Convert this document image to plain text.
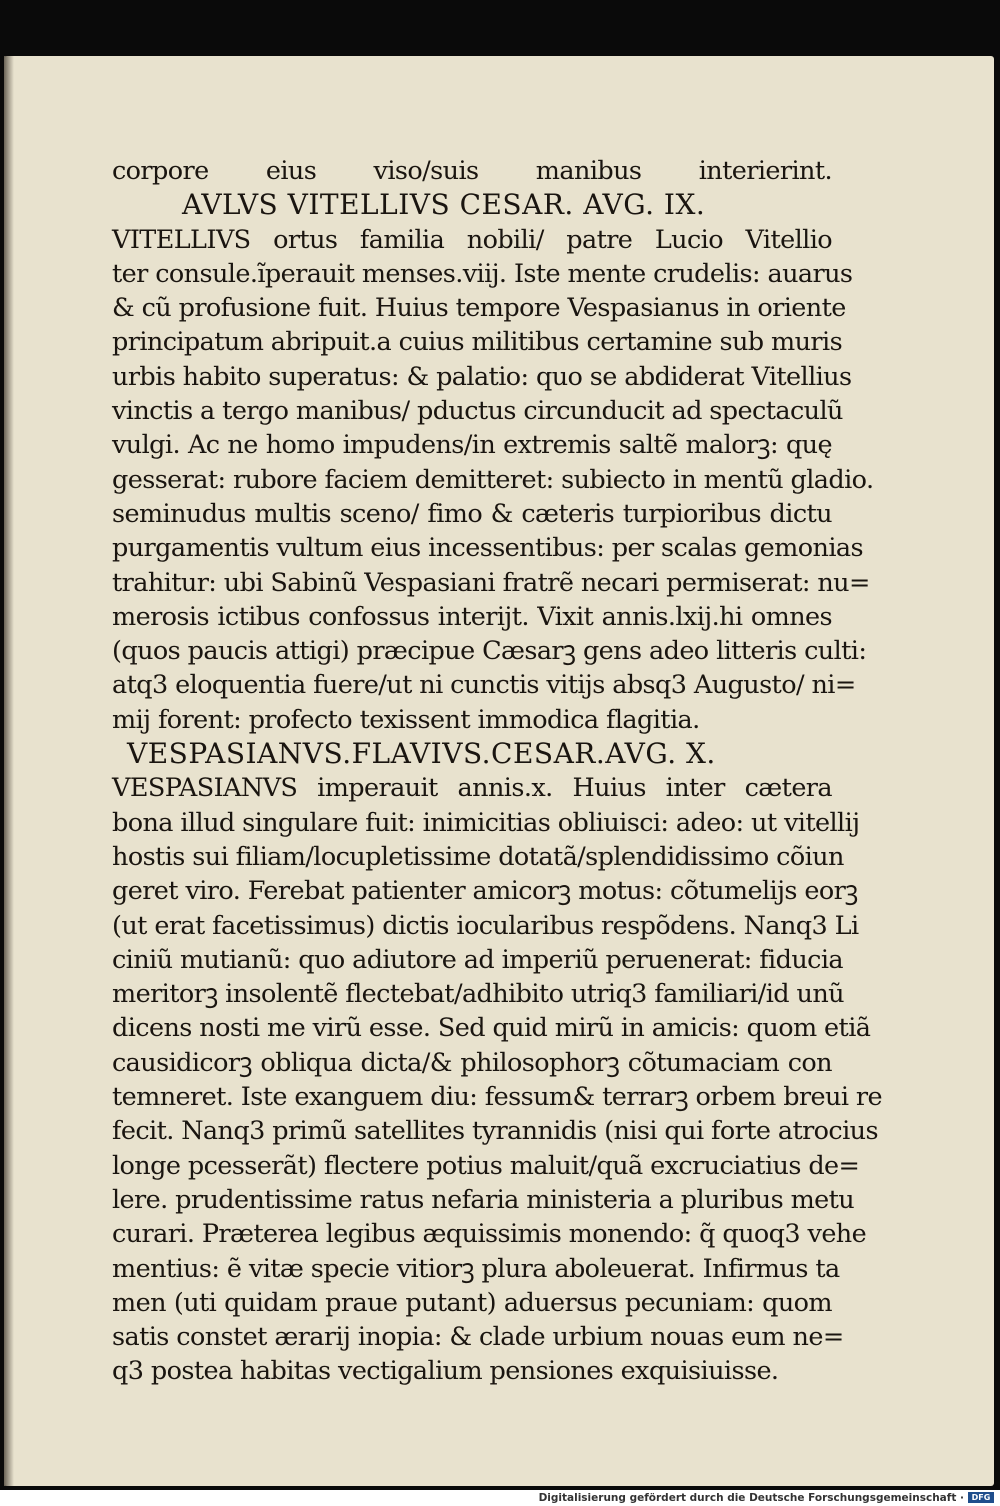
corpore eius viso/suis manibus interierint.
AVLVS VITELLIVS CESAR. AVG. IX.
VITELLIVS ortus familia nobili/ patre Lucio Vitellio
ter consule.ĩperauit menses.viij. Iste mente crudelis: auarus
& cũ profusione fuit. Huius tempore Vespasianus in oriente
principatum abripuit.a cuius militibus certamine sub muris
urbis habito superatus: & palatio: quo se abdiderat Vitellius
vinctis a tergo manibus/ pductus circunducit ad spectaculũ
vulgi. Ac ne homo impudens/in extremis saltẽ malorꝫ: quę
gesserat: rubore faciem demitteret: subiecto in mentũ gladio.
seminudus multis sceno/ fimo & cæteris turpioribus dictu
purgamentis vultum eius incessentibus: per scalas gemonias
trahitur: ubi Sabinũ Vespasiani fratrẽ necari permiserat: nu=
merosis ictibus confossus interijt. Vixit annis.lxij.hi omnes
(quos paucis attigi) præcipue Cæsarꝫ gens adeo litteris culti:
atq3 eloquentia fuere/ut ni cunctis vitijs absq3 Augusto/ ni=
mij forent: profecto texissent immodica flagitia.
VESPASIANVS.FLAVIVS.CESAR.AVG. X.
VESPASIANVS imperauit annis.x. Huius inter cætera
bona illud singulare fuit: inimicitias obliuisci: adeo: ut vitellij
hostis sui filiam/locupletissime dotatã/splendidissimo cõiun
geret viro. Ferebat patienter amicorꝫ motus: cõtumelijs eorꝫ
(ut erat facetissimus) dictis iocularibus respõdens. Nanq3 Li
ciniũ mutianũ: quo adiutore ad imperiũ peruenerat: fiducia
meritorꝫ insolentẽ flectebat/adhibito utriq3 familiari/id unũ
dicens nosti me virũ esse. Sed quid mirũ in amicis: quom etiã
causidicorꝫ obliqua dicta/& philosophorꝫ cõtumaciam con
temneret. Iste exanguem diu: fessum& terrarꝫ orbem breui re
fecit. Nanq3 primũ satellites tyrannidis (nisi qui forte atrocius
longe pcesserãt) flectere potius maluit/quã excruciatius de=
lere. prudentissime ratus nefaria ministeria a pluribus metu
curari. Præterea legibus æquissimis monendo: q̃ quoq3 vehe
mentius: ẽ vitæ specie vitiorꝫ plura aboleuerat. Infirmus ta
men (uti quidam praue putant) aduersus pecuniam: quom
satis constet ærarij inopia: & clade urbium nouas eum ne=
q3 postea habitas vectigalium pensiones exquisiuisse.
Digitalisierung gefördert durch die Deutsche Forschungsgemeinschaft · DFG
